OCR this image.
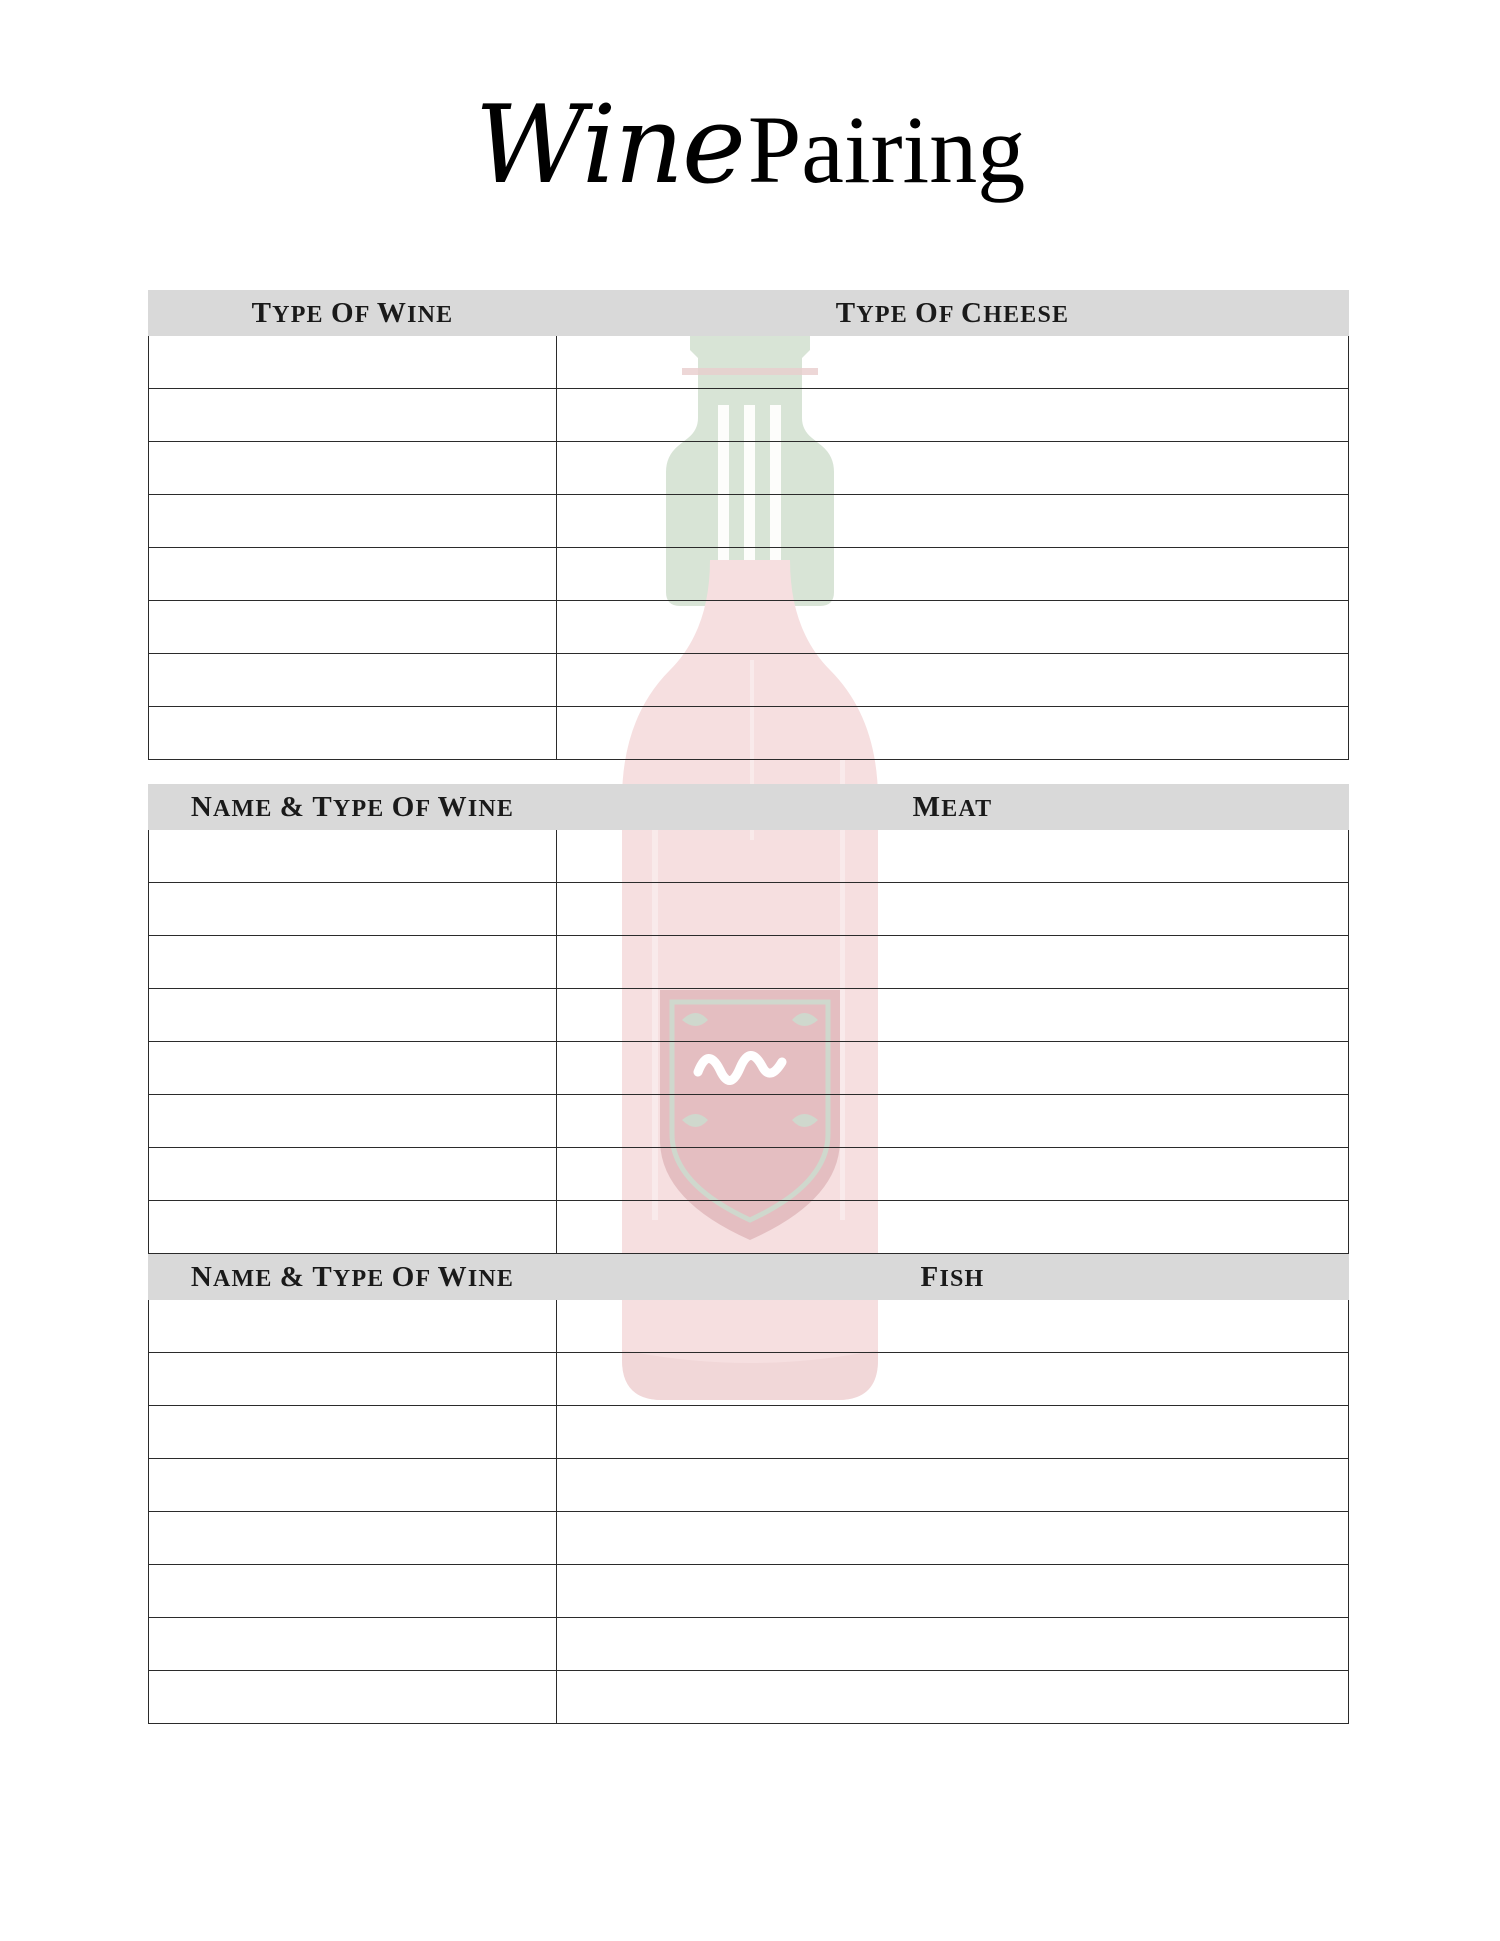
WinePairing
TYPE OF WINE	TYPE OF CHEESE

NAME & TYPE OF WINE	MEAT

NAME & TYPE OF WINE	FISH
